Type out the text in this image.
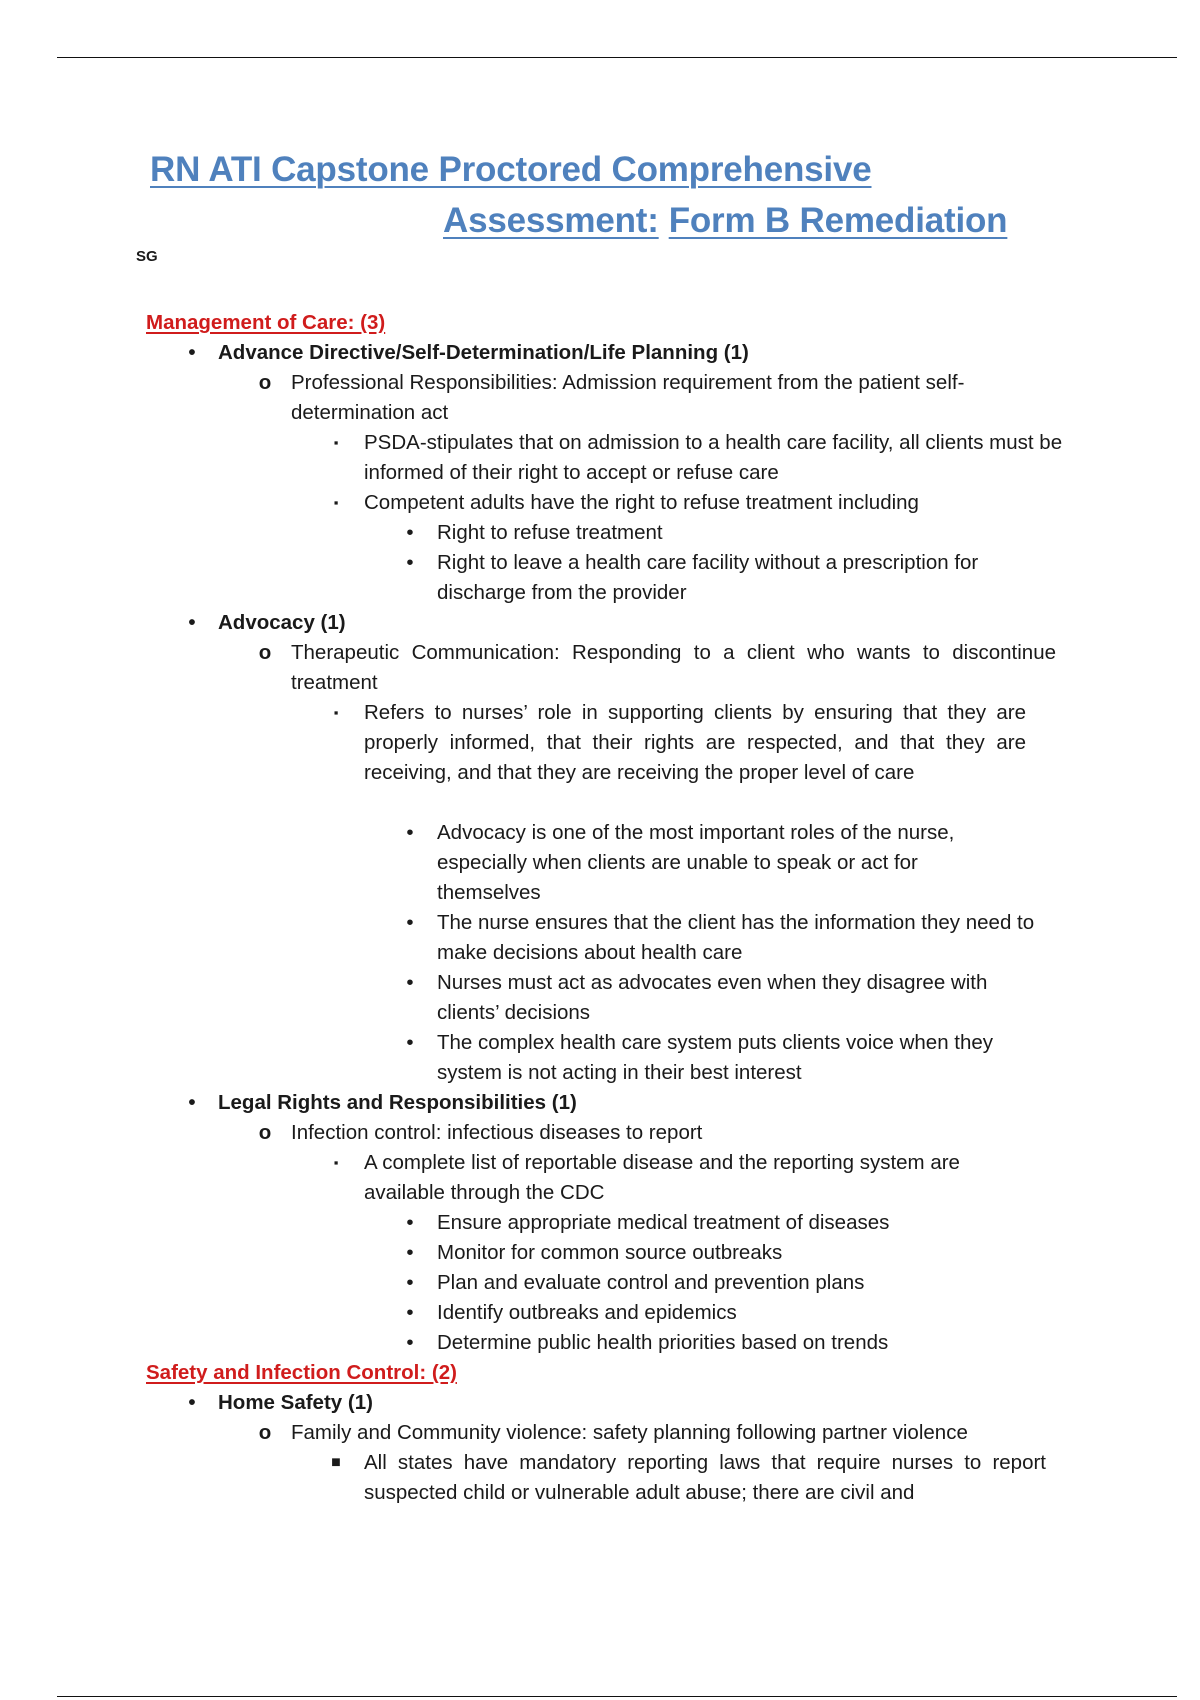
RN ATI Capstone Proctored Comprehensive
Assessment: Form B Remediation
SG
Management of Care: (3)
•	Advance Directive/Self-Determination/Life Planning (1)
o Professional Responsibilities: Admission requirement from the patient self- determination act
▪	PSDA-stipulates that on admission to a health care facility, all clients must be informed of their right to accept or refuse care
▪	Competent adults have the right to refuse treatment including
•	Right to refuse treatment
•	Right to leave a health care facility without a prescription for discharge from the provider
•	Advocacy (1)
o Therapeutic Communication: Responding to a client who wants to discontinue treatment
▪	Refers to nurses’ role in supporting clients by ensuring that they are properly informed, that their rights are respected, and that they are receiving, and that they are receiving the proper level of care
•	Advocacy is one of the most important roles of the nurse, especially when clients are unable to speak or act for themselves
•	The nurse ensures that the client has the information they need to make decisions about health care
•	Nurses must act as advocates even when they disagree with clients’ decisions
•	The complex health care system puts clients voice when they system is not acting in their best interest
•	Legal Rights and Responsibilities (1)
o Infection control: infectious diseases to report
▪	A complete list of reportable disease and the reporting system are available through the CDC
•	Ensure appropriate medical treatment of diseases
•	Monitor for common source outbreaks
•	Plan and evaluate control and prevention plans
•	Identify outbreaks and epidemics
•	Determine public health priorities based on trends
Safety and Infection Control: (2)
•	Home Safety (1)
o Family and Community violence: safety planning following partner violence
■ All states have mandatory reporting laws that require nurses to report suspected child or vulnerable adult abuse; there are civil and
